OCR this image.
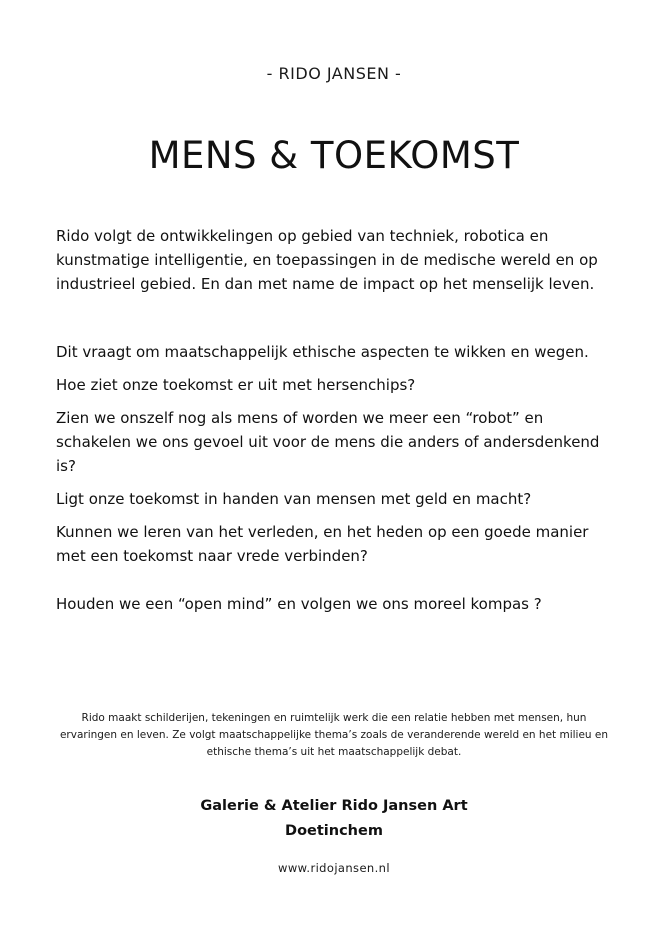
- RIDO JANSEN -
MENS & TOEKOMST

Rido volgt de ontwikkelingen op gebied van techniek, robotica en kunstmatige intelligentie, en toepassingen in de medische wereld en op industrieel gebied. En dan met name de impact op het menselijk leven.

Dit vraagt om maatschappelijk ethische aspecten te wikken en wegen.

Hoe ziet onze toekomst er uit met hersenchips?

Zien we onszelf nog als mens of worden we meer een “robot” en schakelen we ons gevoel uit voor de mens die anders of andersdenkend is?

Ligt onze toekomst in handen van mensen met geld en macht?

Kunnen we leren van het verleden, en het heden op een goede manier met een toekomst naar vrede verbinden?

Houden we een “open mind” en volgen we ons moreel kompas ?

Rido maakt schilderijen, tekeningen en ruimtelijk werk die een relatie hebben met mensen, hun ervaringen en leven. Ze volgt maatschappelijke thema’s zoals de veranderende wereld en het milieu en ethische thema’s uit het maatschappelijk debat.

Galerie & Atelier Rido Jansen Art
Doetinchem

www.ridojansen.nl
